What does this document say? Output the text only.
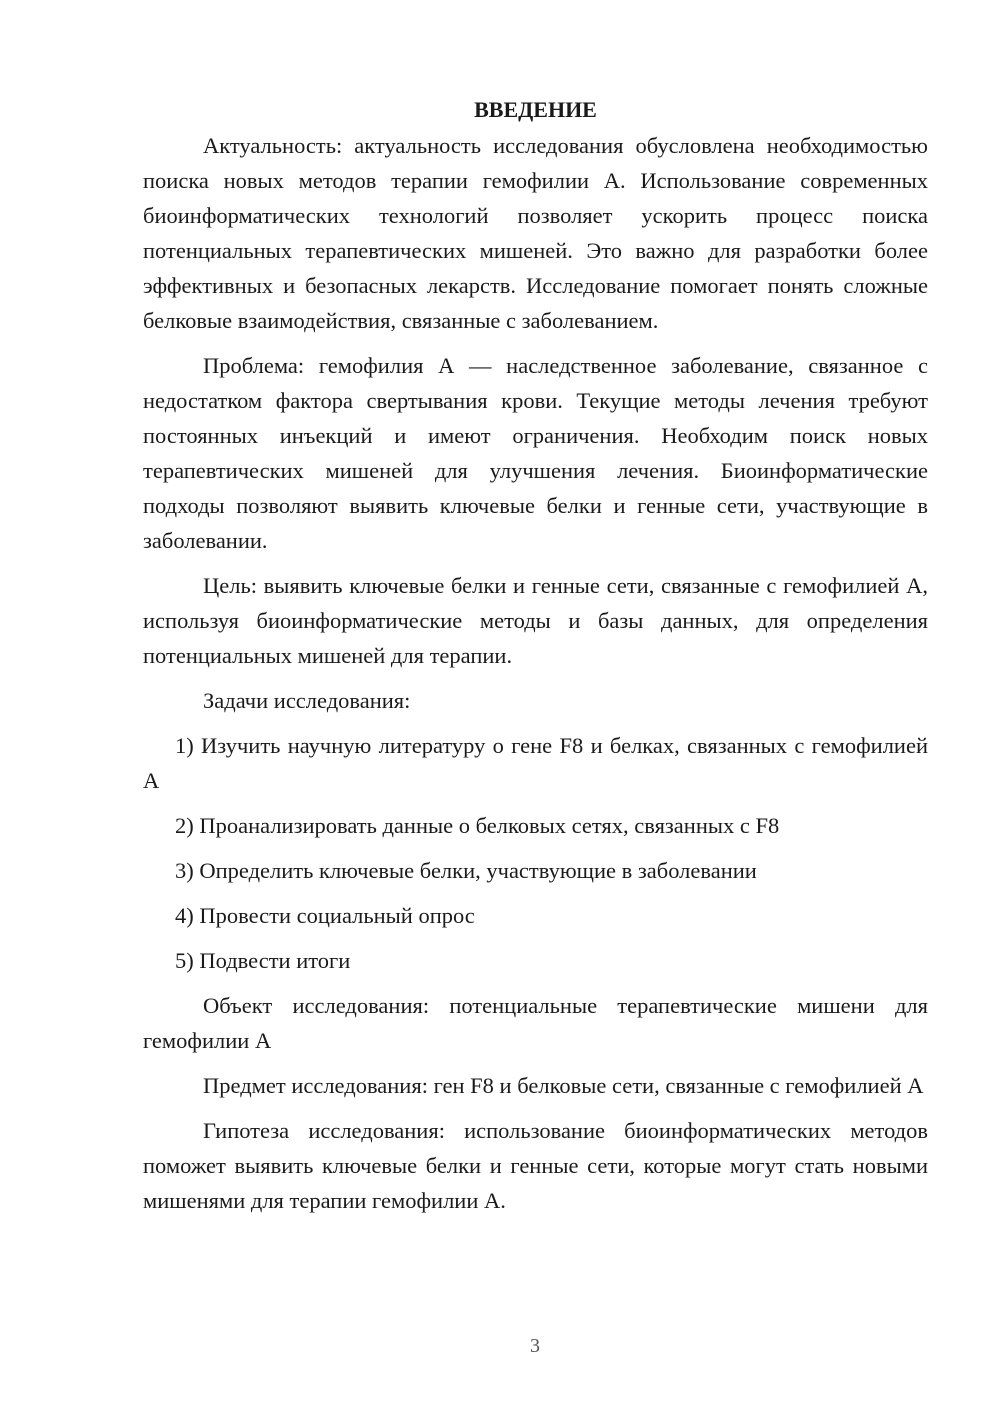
ВВЕДЕНИЕ

Актуальность: актуальность исследования обусловлена необходимостью поиска новых методов терапии гемофилии А. Использование современных биоинформатических технологий позволяет ускорить процесс поиска потенциальных терапевтических мишеней. Это важно для разработки более эффективных и безопасных лекарств. Исследование помогает понять сложные белковые взаимодействия, связанные с заболеванием.

Проблема: гемофилия А — наследственное заболевание, связанное с недостатком фактора свертывания крови. Текущие методы лечения требуют постоянных инъекций и имеют ограничения. Необходим поиск новых терапевтических мишеней для улучшения лечения. Биоинформатические подходы позволяют выявить ключевые белки и генные сети, участвующие в заболевании.

Цель: выявить ключевые белки и генные сети, связанные с гемофилией А, используя биоинформатические методы и базы данных, для определения потенциальных мишеней для терапии.

Задачи исследования:

1) Изучить научную литературу о гене F8 и белках, связанных с гемофилией А

2) Проанализировать данные о белковых сетях, связанных с F8

3) Определить ключевые белки, участвующие в заболевании

4) Провести социальный опрос

5) Подвести итоги

Объект исследования: потенциальные терапевтические мишени для гемофилии А

Предмет исследования: ген F8 и белковые сети, связанные с гемофилией А

Гипотеза исследования: использование биоинформатических методов поможет выявить ключевые белки и генные сети, которые могут стать новыми мишенями для терапии гемофилии А.

3
